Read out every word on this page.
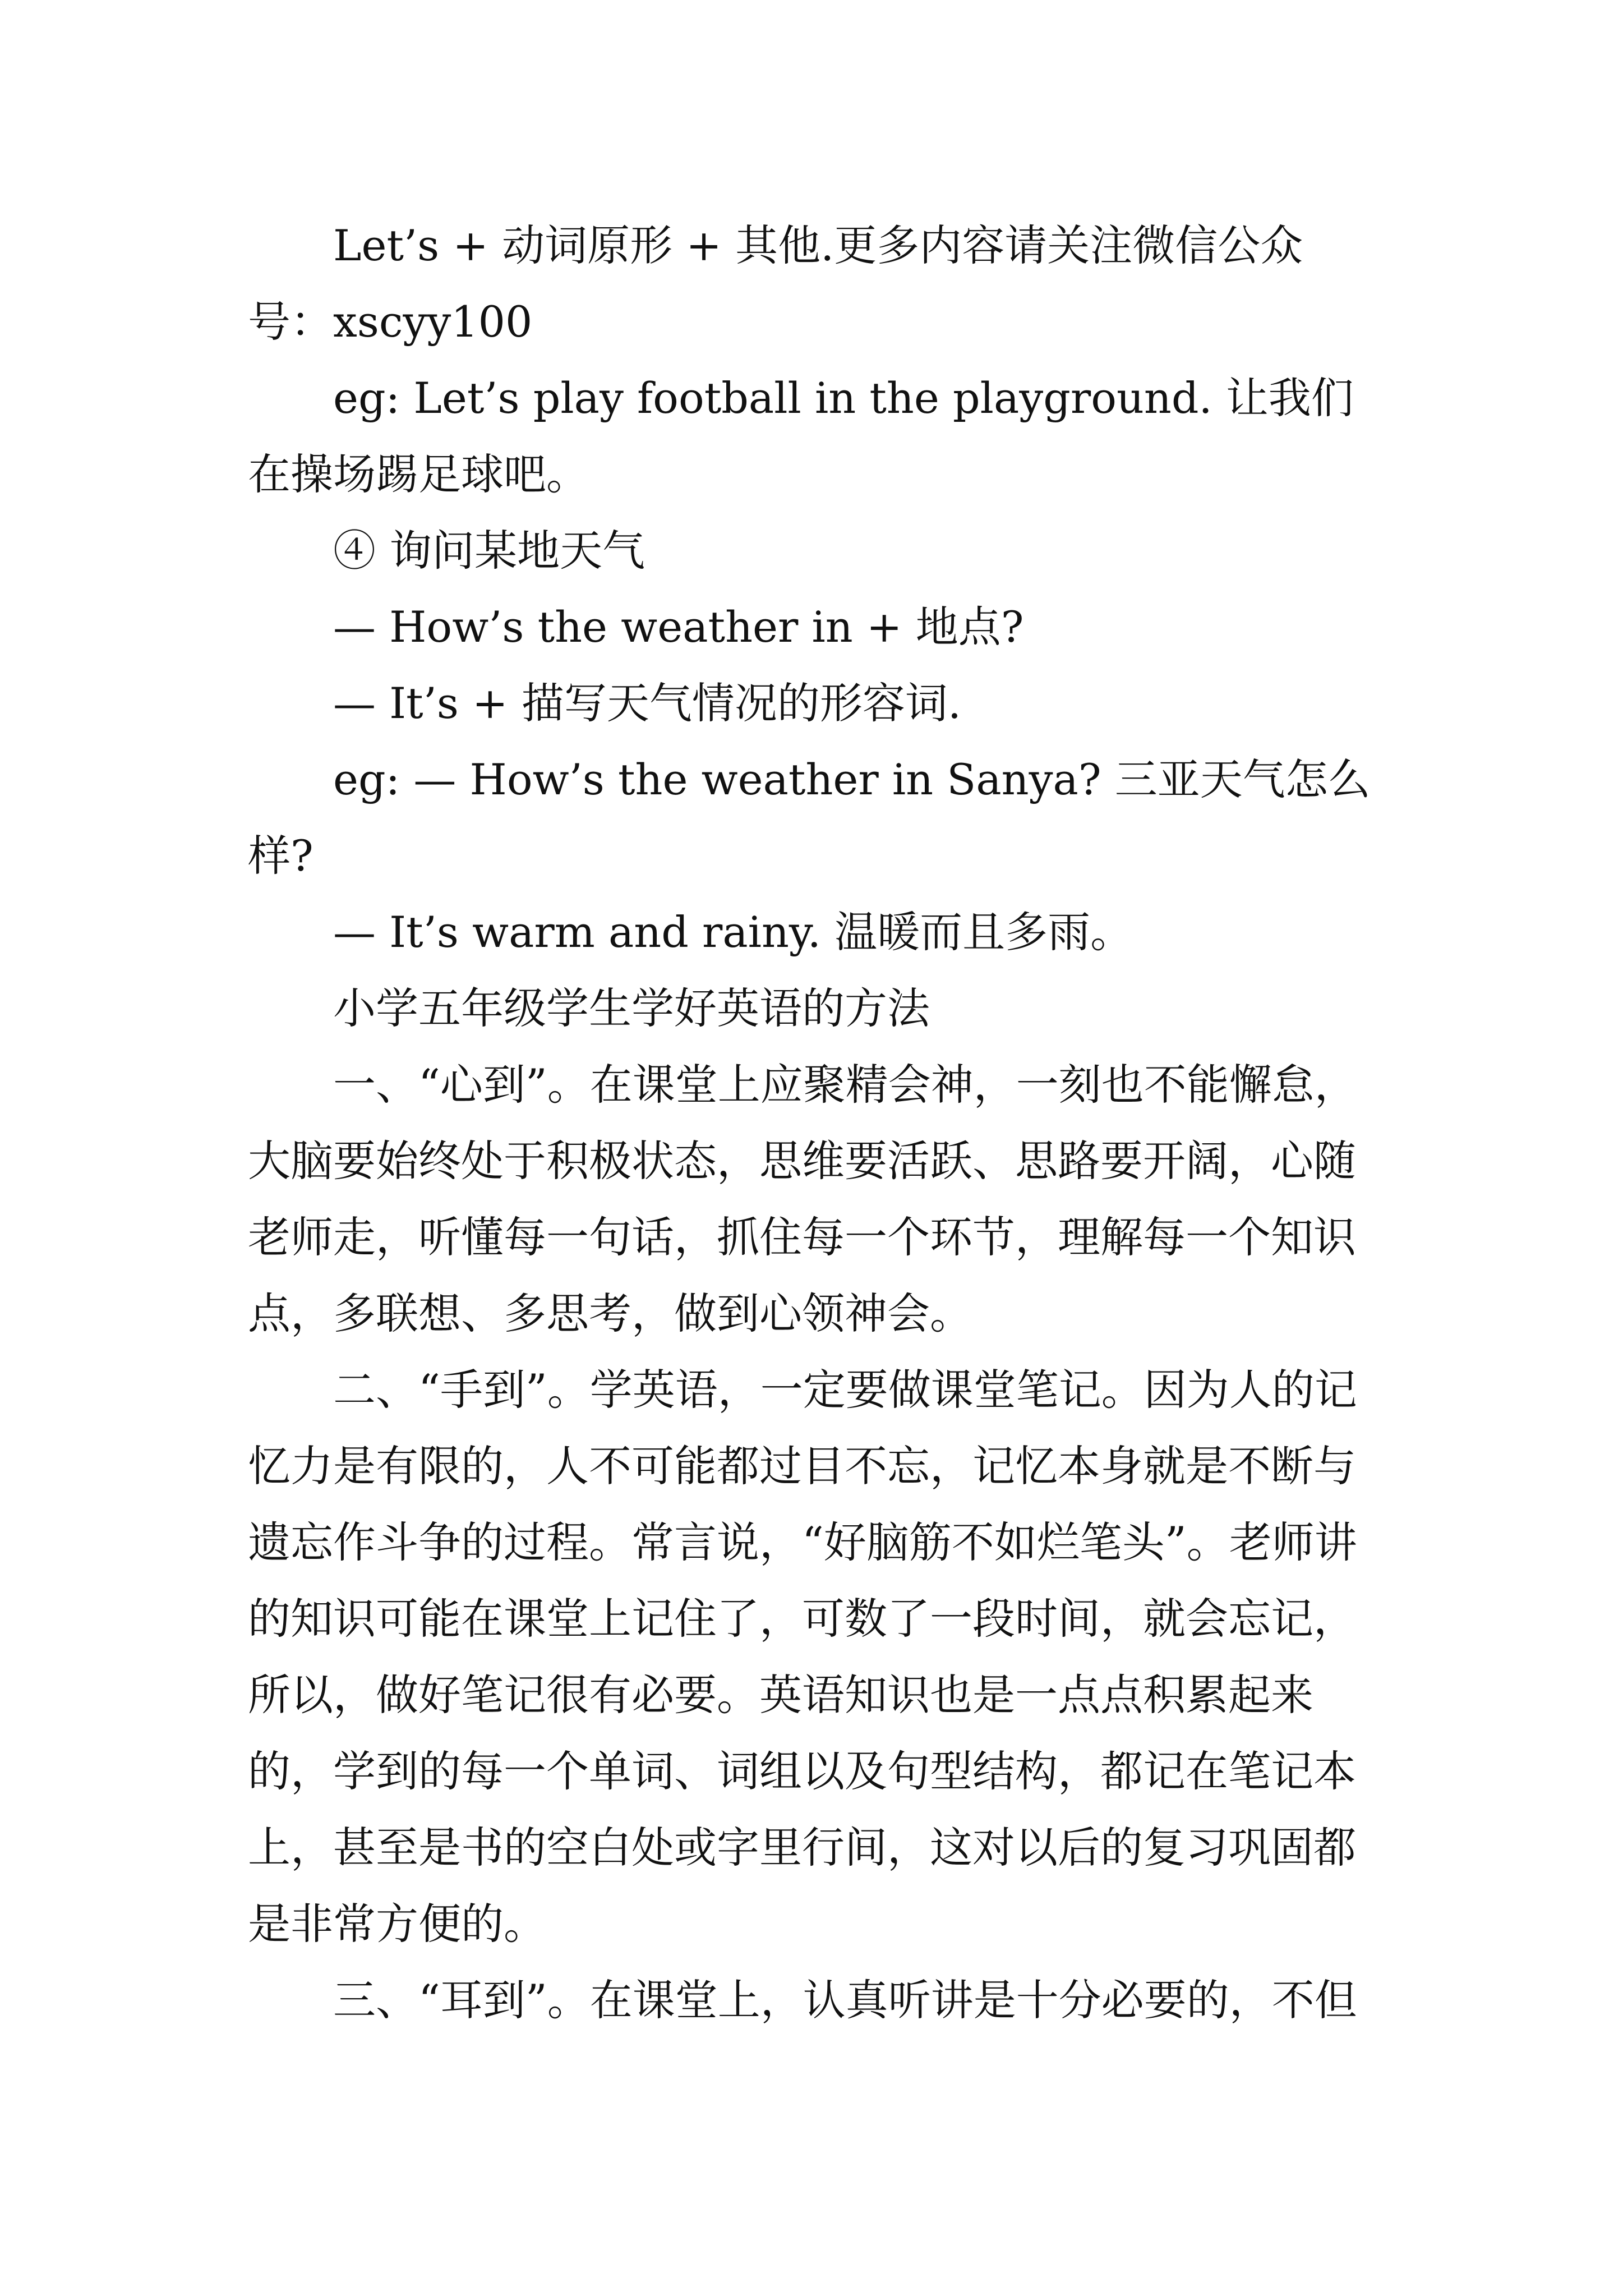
Let’s + 动词原形 + 其他.更多内容请关注微信公众号：xscyy100

eg: Let’s play football in the playground. 让我们在操场踢足球吧。

④ 询问某地天气

— How’s the weather in + 地点?

— It’s + 描写天气情况的形容词.

eg: — How’s the weather in Sanya? 三亚天气怎么样?

— It’s warm and rainy. 温暖而且多雨。

小学五年级学生学好英语的方法

一、“心到”。在课堂上应聚精会神，一刻也不能懈怠，大脑要始终处于积极状态，思维要活跃、思路要开阔，心随老师走，听懂每一句话，抓住每一个环节，理解每一个知识点，多联想、多思考，做到心领神会。

二、“手到”。学英语，一定要做课堂笔记。因为人的记忆力是有限的，人不可能都过目不忘，记忆本身就是不断与遗忘作斗争的过程。常言说，“好脑筋不如烂笔头”。老师讲的知识可能在课堂上记住了，可数了一段时间，就会忘记，所以，做好笔记很有必要。英语知识也是一点点积累起来的，学到的每一个单词、词组以及句型结构，都记在笔记本上，甚至是书的空白处或字里行间，这对以后的复习巩固都是非常方便的。

三、“耳到”。在课堂上，认真听讲是十分必要的，不但
